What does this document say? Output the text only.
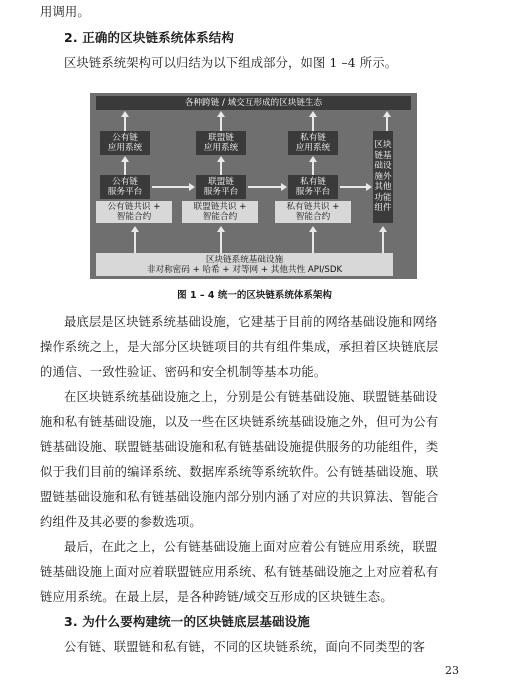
用调用。
2. 正确的区块链系统体系结构
区块链系统架构可以归结为以下组成部分，如图 1 –4 所示。
各种跨链 / 域交互形成的区块链生态
公有链
应用系统
联盟链
应用系统
私有链
应用系统
公有链
服务平台
联盟链
服务平台
私有链
服务平台
公有链共识 +
智能合约
联盟链共识 +
智能合约
私有链共识 +
智能合约
区块链基础设施外其他功能组件
区块链系统基础设施
非对称密码 + 哈希 + 对等网 + 其他共性 API/SDK
图 1 – 4 统一的区块链系统体系架构
最底层是区块链系统基础设施，它建基于目前的网络基础设施和网络
操作系统之上，是大部分区块链项目的共有组件集成，承担着区块链底层
的通信、一致性验证、密码和安全机制等基本功能。
在区块链系统基础设施之上，分别是公有链基础设施、联盟链基础设
施和私有链基础设施，以及一些在区块链系统基础设施之外，但可为公有
链基础设施、联盟链基础设施和私有链基础设施提供服务的功能组件，类
似于我们目前的编译系统、数据库系统等系统软件。公有链基础设施、联
盟链基础设施和私有链基础设施内部分别内涵了对应的共识算法、智能合
约组件及其必要的参数选项。
最后，在此之上，公有链基础设施上面对应着公有链应用系统，联盟
链基础设施上面对应着联盟链应用系统、私有链基础设施之上对应着私有
链应用系统。在最上层，是各种跨链/域交互形成的区块链生态。
3. 为什么要构建统一的区块链底层基础设施
公有链、联盟链和私有链，不同的区块链系统，面向不同类型的客
23
